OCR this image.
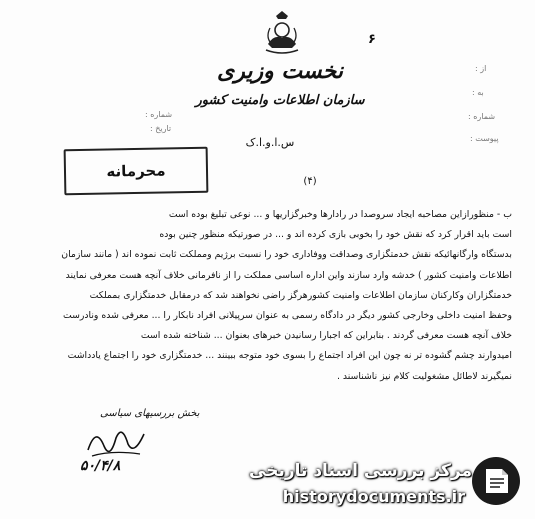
۶
نخست وزیری
سازمان اطلاعات وامنیت کشور
س.ا.و.ا.ک
از :
به :
شماره :
پیوست :
شماره :
تاریخ :
محرمانه
(۴)

ب - منظورازاین مصاحبه ایجاد سروصدا در رادارها وخبرگزاریها و ... نوعی تبلیغ بوده است

است باید اقرار کرد که نقش خود را بخوبی بازی کرده اند و ... در صورتیکه منظور چنین بوده

بدستگاه وارگانهائیکه نقش خدمتگزاری وصداقت ووفاداری خود را نسبت برژیم ومملکت ثابت نموده اند ( مانند سازمان

اطلاعات وامنیت کشور ) خدشه وارد سازند واین اداره اساسی مملکت را از نافرمانی خلاف آنچه هست معرفی نمایند

خدمتگزاران وکارکنان سازمان اطلاعات وامنیت کشورهرگز راضی نخواهند شد که درمقابل خدمتگزاری بمملکت

وحفظ امنیت داخلی وخارجی کشور دیگر در دادگاه رسمی به عنوان سرپیلانی افراد نابکار را ... معرفی شده ونادرست

خلاف آنچه هست معرفی گردند . بنابراین که اجبارا رسانیدن خبرهای بعنوان ... شناخته شده است

امیدوارند چشم گشوده تر نه چون این افراد اجتماع را بسوی خود متوجه ببینند ... خدمتگزاری خود را اجتماع یادداشت

نمیگیرند لاطائل مشغولیت کلام نیز ناشناسند .

بخش بررسیهای سیاسی
۵۰/۴/۸	مرکز بررسی اسناد تاریخی
historydocuments.ir
